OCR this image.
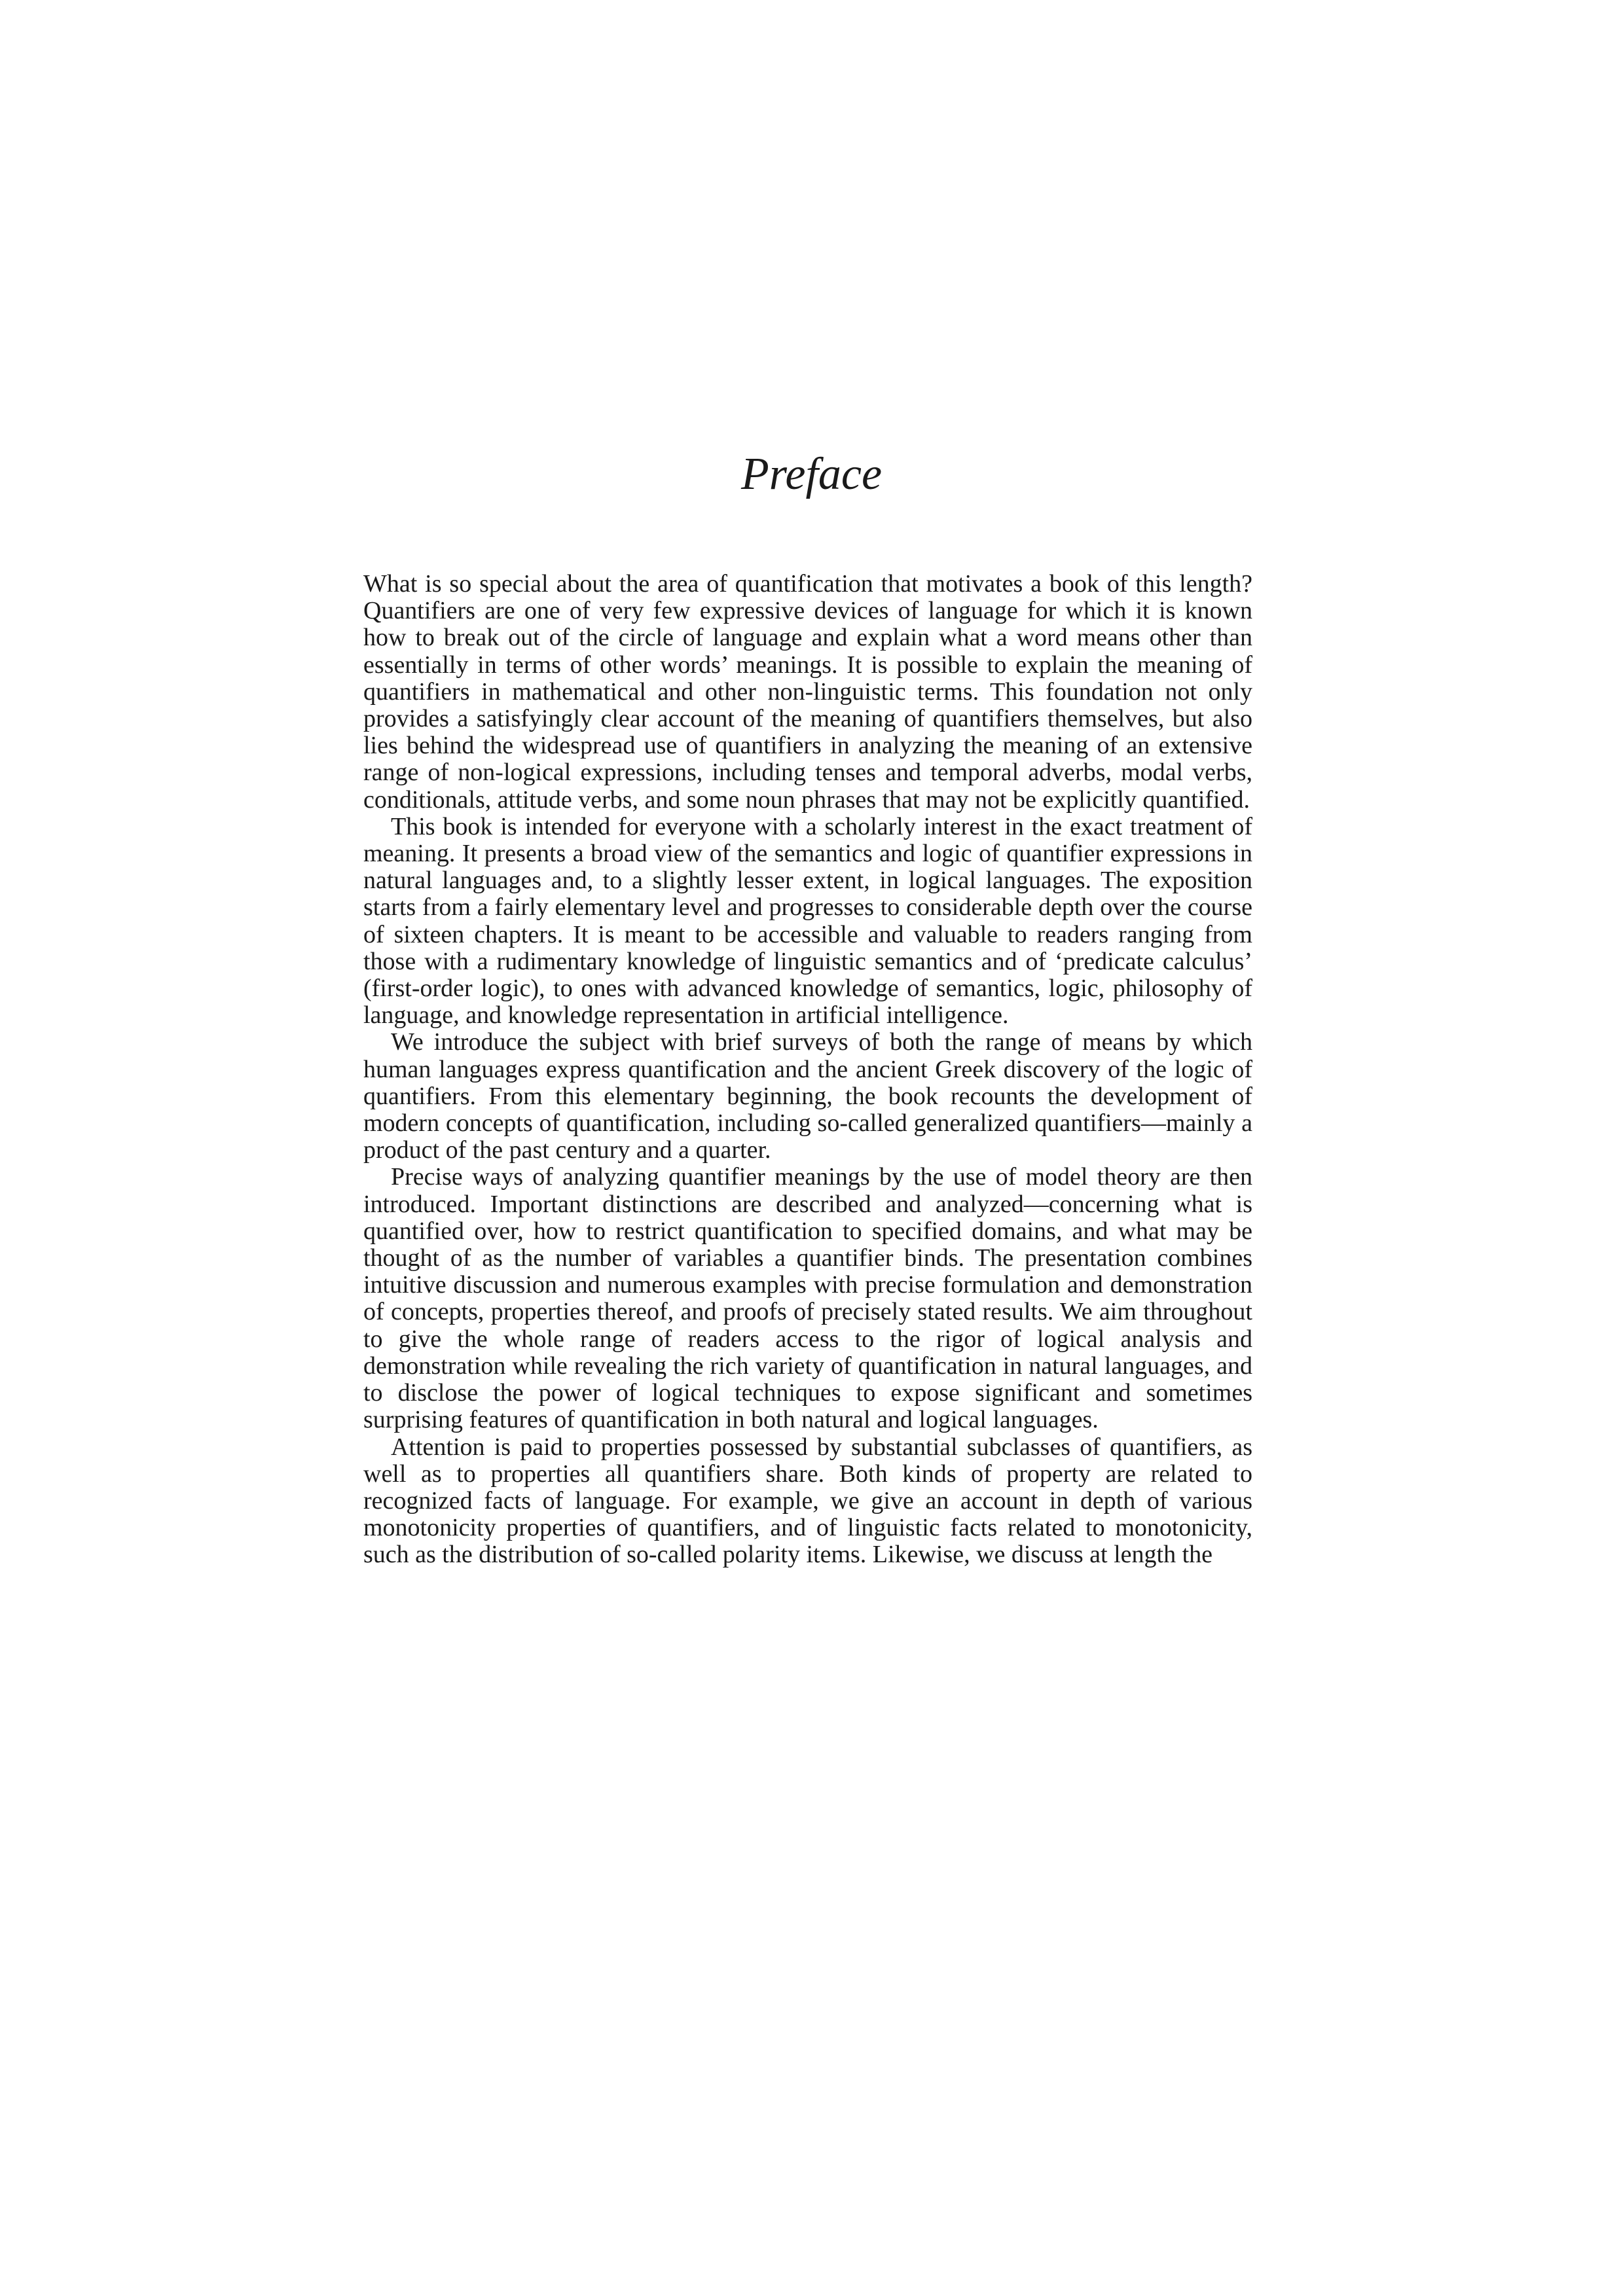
Preface

What is so special about the area of quantification that motivates a book of this length? Quantifiers are one of very few expressive devices of language for which it is known how to break out of the circle of language and explain what a word means other than essentially in terms of other words’ meanings. It is possible to explain the meaning of quantifiers in mathematical and other non-linguistic terms. This foundation not only provides a satisfyingly clear account of the meaning of quantifiers themselves, but also lies behind the widespread use of quantifiers in analyzing the meaning of an extensive range of non-logical expressions, including tenses and temporal adverbs, modal verbs, conditionals, attitude verbs, and some noun phrases that may not be explicitly quantified.

This book is intended for everyone with a scholarly interest in the exact treatment of meaning. It presents a broad view of the semantics and logic of quantifier expressions in natural languages and, to a slightly lesser extent, in logical languages. The exposition starts from a fairly elementary level and progresses to considerable depth over the course of sixteen chapters. It is meant to be accessible and valuable to readers ranging from those with a rudimentary knowledge of linguistic semantics and of ‘predicate calculus’ (first-order logic), to ones with advanced knowledge of semantics, logic, philosophy of language, and knowledge representation in artificial intelligence.

We introduce the subject with brief surveys of both the range of means by which human languages express quantification and the ancient Greek discovery of the logic of quantifiers. From this elementary beginning, the book recounts the development of modern concepts of quantification, including so-called generalized quantifiers—mainly a product of the past century and a quarter.

Precise ways of analyzing quantifier meanings by the use of model theory are then introduced. Important distinctions are described and analyzed—concerning what is quantified over, how to restrict quantification to specified domains, and what may be thought of as the number of variables a quantifier binds. The presentation combines intuitive discussion and numerous examples with precise formulation and demonstration of concepts, properties thereof, and proofs of precisely stated results. We aim throughout to give the whole range of readers access to the rigor of logical analysis and demonstration while revealing the rich variety of quantification in natural languages, and to disclose the power of logical techniques to expose significant and sometimes surprising features of quantification in both natural and logical languages.

Attention is paid to properties possessed by substantial subclasses of quantifiers, as well as to properties all quantifiers share. Both kinds of property are related to recognized facts of language. For example, we give an account in depth of various monotonicity properties of quantifiers, and of linguistic facts related to monotonicity, such as the distribution of so-called polarity items. Likewise, we discuss at length the
